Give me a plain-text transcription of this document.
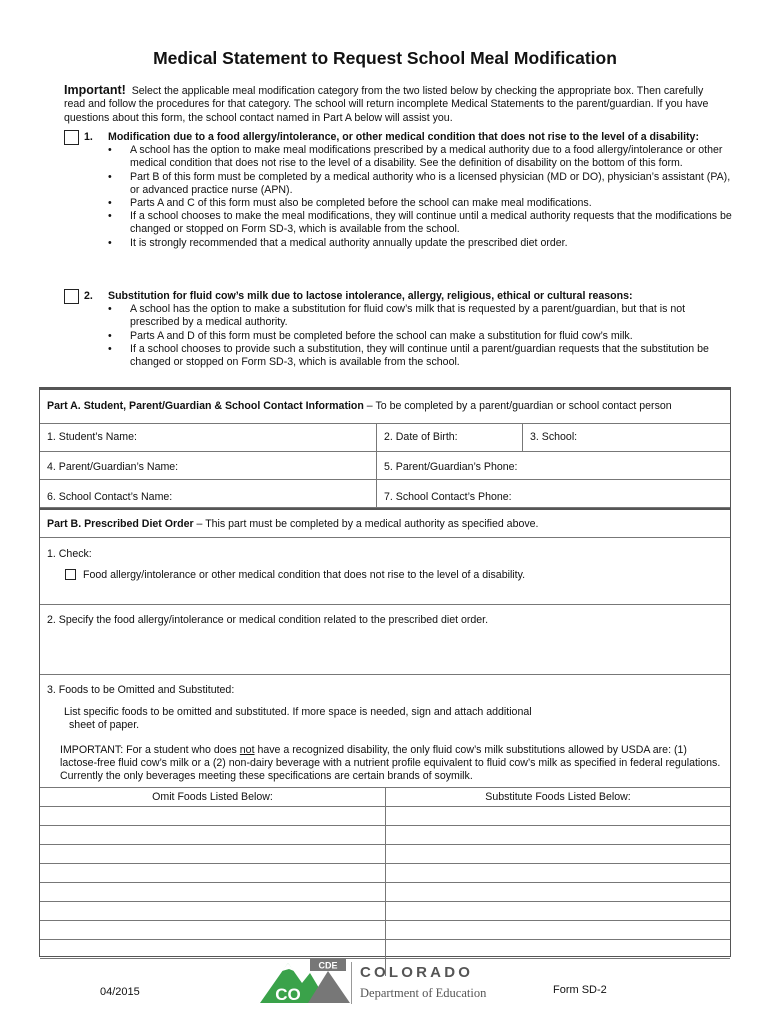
Medical Statement to Request School Meal Modification
Important! Select the applicable meal modification category from the two listed below by checking the appropriate box. Then carefully read and follow the procedures for that category. The school will return incomplete Medical Statements to the parent/guardian. If you have questions about this form, the school contact named in Part A below will assist you.
1. Modification due to a food allergy/intolerance, or other medical condition that does not rise to the level of a disability:
• A school has the option to make meal modifications prescribed by a medical authority due to a food allergy/intolerance or other medical condition that does not rise to the level of a disability. See the definition of disability on the bottom of this form.
• Part B of this form must be completed by a medical authority who is a licensed physician (MD or DO), physician’s assistant (PA), or advanced practice nurse (APN).
• Parts A and C of this form must also be completed before the school can make meal modifications.
• If a school chooses to make the meal modifications, they will continue until a medical authority requests that the modifications be changed or stopped on Form SD-3, which is available from the school.
• It is strongly recommended that a medical authority annually update the prescribed diet order.
2. Substitution for fluid cow’s milk due to lactose intolerance, allergy, religious, ethical or cultural reasons:
• A school has the option to make a substitution for fluid cow’s milk that is requested by a parent/guardian, but that is not prescribed by a medical authority.
• Parts A and D of this form must be completed before the school can make a substitution for fluid cow’s milk.
• If a school chooses to provide such a substitution, they will continue until a parent/guardian requests that the substitution be changed or stopped on Form SD-3, which is available from the school.
Part A. Student, Parent/Guardian & School Contact Information – To be completed by a parent/guardian or school contact person
1. Student’s Name:	2. Date of Birth:	3. School:
4. Parent/Guardian’s Name:	5. Parent/Guardian’s Phone:
6. School Contact’s Name:	7. School Contact’s Phone:
Part B. Prescribed Diet Order – This part must be completed by a medical authority as specified above.
1. Check:
Food allergy/intolerance or other medical condition that does not rise to the level of a disability.
2. Specify the food allergy/intolerance or medical condition related to the prescribed diet order.
3. Foods to be Omitted and Substituted:
List specific foods to be omitted and substituted. If more space is needed, sign and attach additional
sheet of paper.
IMPORTANT: For a student who does not have a recognized disability, the only fluid cow’s milk substitutions allowed by USDA are: (1) lactose-free fluid cow’s milk or a (2) non-dairy beverage with a nutrient profile equivalent to fluid cow’s milk as specified in federal regulations. Currently the only beverages meeting these specifications are certain brands of soymilk.
Omit Foods Listed Below:	Substitute Foods Listed Below:
04/2015
CDE
CO
COLORADO
Department of Education	Form SD-2
